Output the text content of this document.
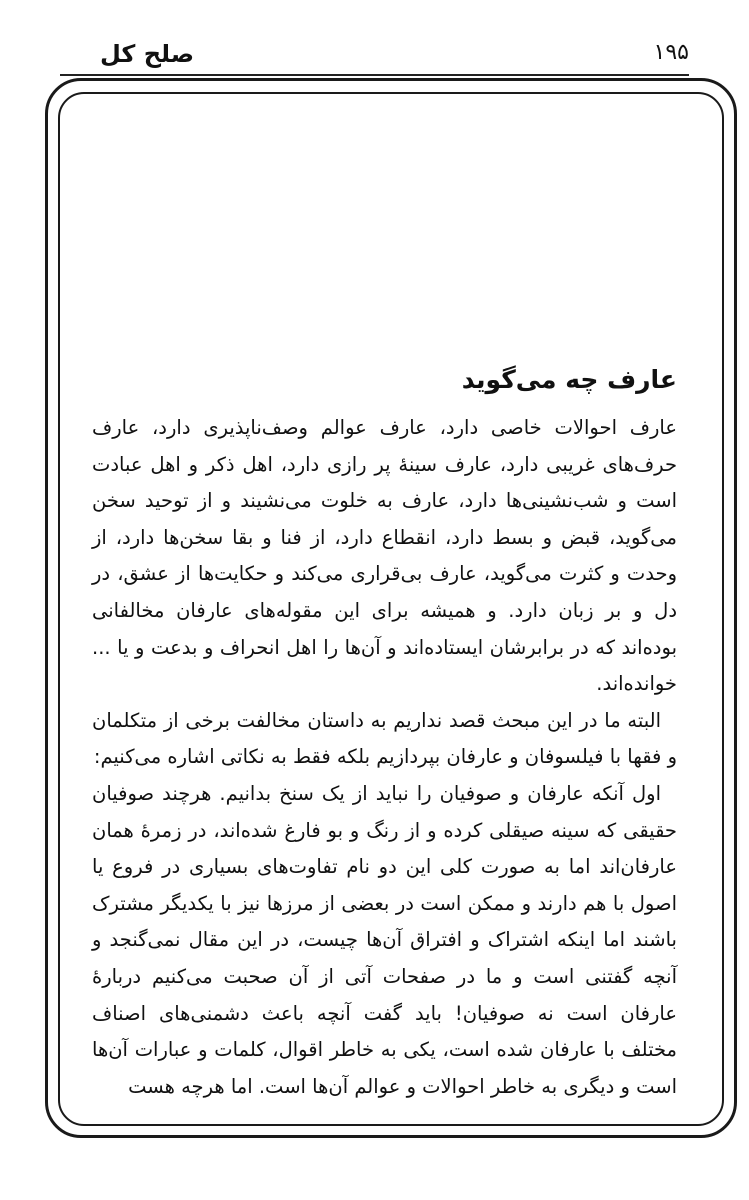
۱۹۵
صلح کل
عارف چه می‌گوید

عارف احوالات خاصی دارد، عارف عوالم وصف‌ناپذیری دارد، عارف حرف‌های غریبی دارد، عارف سینهٔ پر رازی دارد، اهل ذکر و اهل عبادت است و شب‌نشینی‌ها دارد، عارف به خلوت می‌نشیند و از توحید سخن می‌گوید، قبض و بسط دارد، انقطاع دارد، از فنا و بقا سخن‌ها دارد، از وحدت و کثرت می‌گوید، عارف بی‌قراری می‌کند و حکایت‌ها از عشق، در دل و بر زبان دارد. و همیشه برای این مقوله‌های عارفان مخالفانی بوده‌اند که در برابرشان ایستاده‌اند و آن‌ها را اهل انحراف و بدعت و یا ... خوانده‌اند.

البته ما در این مبحث قصد نداریم به داستان مخالفت برخی از متکلمان و فقها با فیلسوفان و عارفان بپردازیم بلکه فقط به نکاتی اشاره می‌کنیم:

اول آنکه عارفان و صوفیان را نباید از یک سنخ بدانیم. هرچند صوفیان حقیقی که سینه صیقلی کرده و از رنگ و بو فارغ شده‌اند، در زمرهٔ همان عارفان‌اند اما به صورت کلی این دو نام تفاوت‌های بسیاری در فروع یا اصول با هم دارند و ممکن است در بعضی از مرزها نیز با یکدیگر مشترک باشند اما اینکه اشتراک و افتراق آن‌ها چیست، در این مقال نمی‌گنجد و آنچه گفتنی است و ما در صفحات آتی از آن صحبت می‌کنیم دربارهٔ عارفان است نه صوفیان! باید گفت آنچه باعث دشمنی‌های اصناف مختلف با عارفان شده است، یکی به خاطر اقوال، کلمات و عبارات آن‌ها است و دیگری به خاطر احوالات و عوالم آن‌ها است. اما هرچه هست
